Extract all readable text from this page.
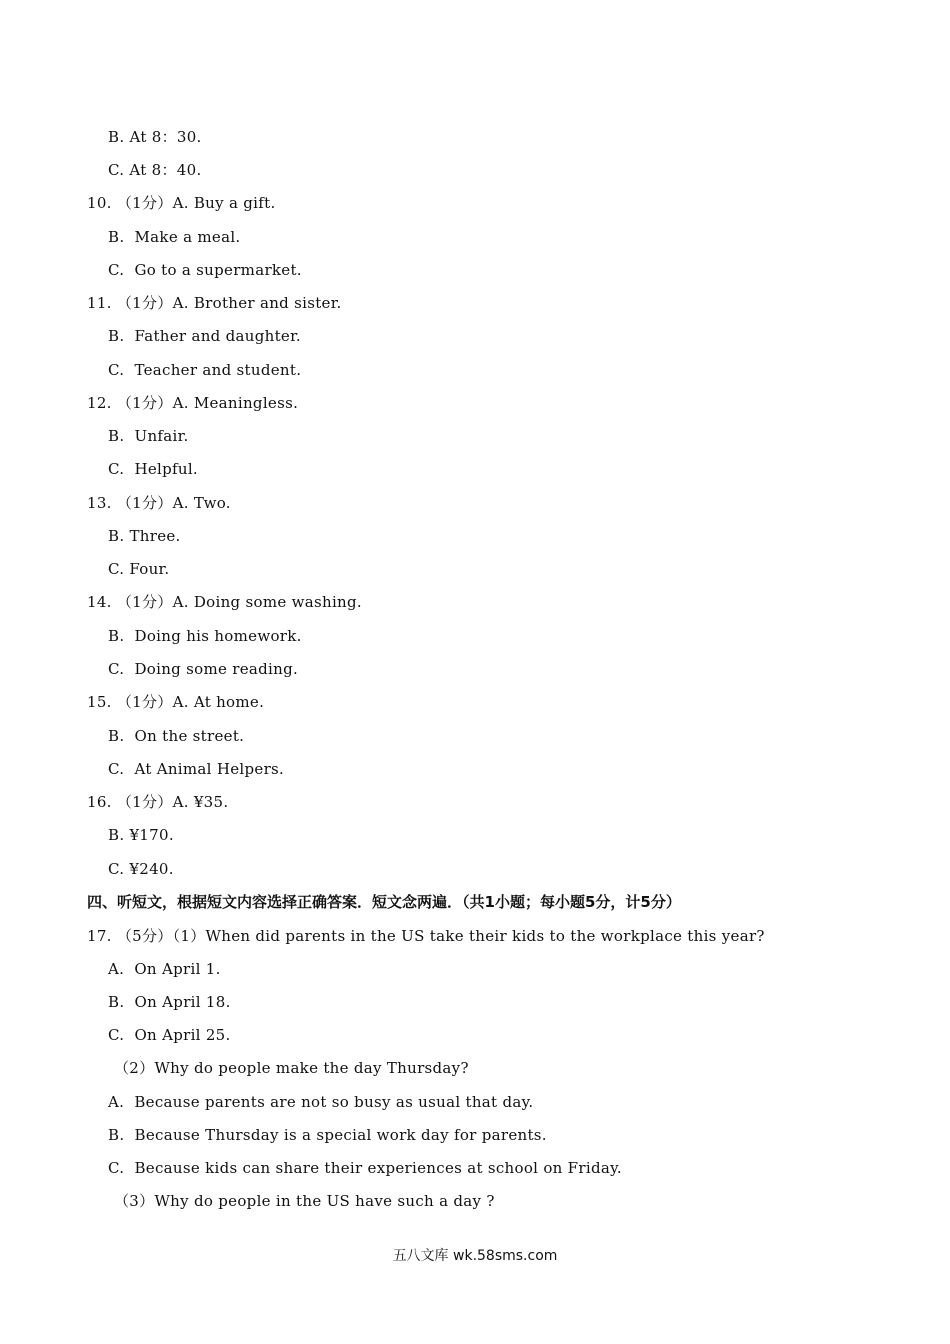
B. At 8：30.
C. At 8：40.
10. （1分）A. Buy a gift.
B.  Make a meal.
C.  Go to a supermarket.
11. （1分）A. Brother and sister.
B.  Father and daughter.
C.  Teacher and student.
12. （1分）A. Meaningless.
B.  Unfair.
C.  Helpful.
13. （1分）A. Two.
B. Three.
C. Four.
14. （1分）A. Doing some washing.
B.  Doing his homework.
C.  Doing some reading.
15. （1分）A. At home.
B.  On the street.
C.  At Animal Helpers.
16. （1分）A. ¥35.
B. ¥170.
C. ¥240.
四、听短文，根据短文内容选择正确答案．短文念两遍．（共1小题；每小题5分，计5分）
17. （5分）（1）When did parents in the US take their kids to the workplace this year?
A.  On April 1.
B.  On April 18.
C.  On April 25.
（2）Why do people make the day Thursday?
A.  Because parents are not so busy as usual that day.
B.  Because Thursday is a special work day for parents.
C.  Because kids can share their experiences at school on Friday.
（3）Why do people in the US have such a day ?
五八文库 wk.58sms.com
